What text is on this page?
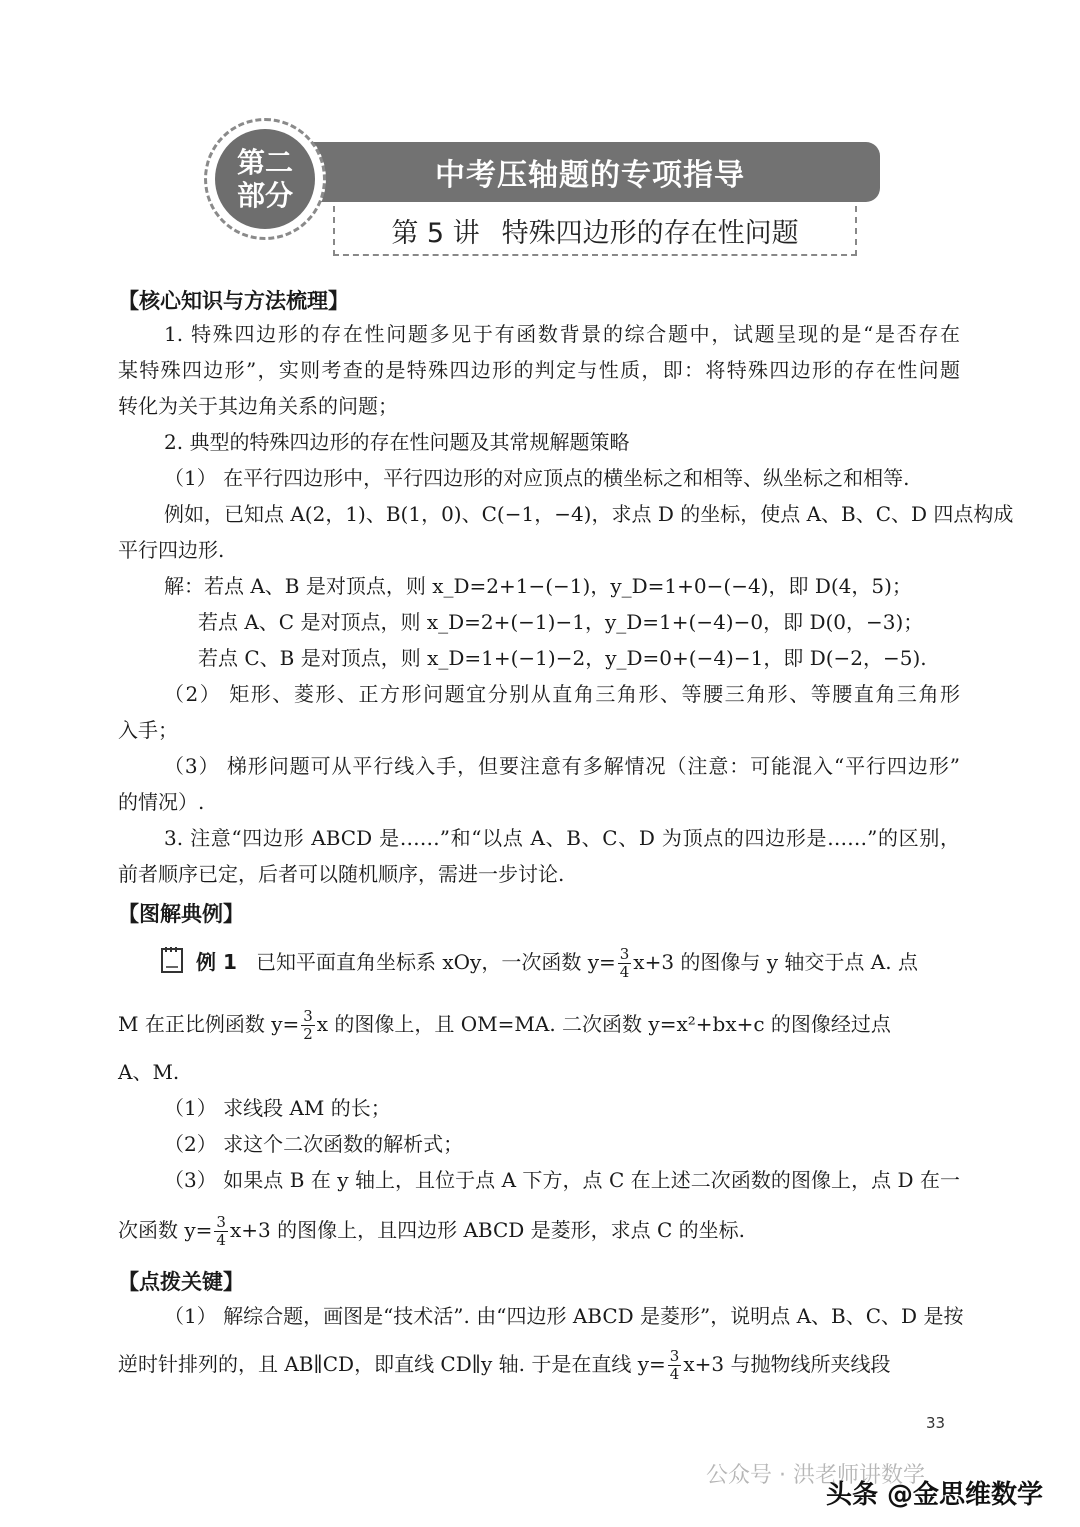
第二
部分
中考压轴题的专项指导
第 5 讲 特殊四边形的存在性问题
【核心知识与方法梳理】
1. 特殊四边形的存在性问题多见于有函数背景的综合题中，试题呈现的是“是否存在
某特殊四边形”，实则考查的是特殊四边形的判定与性质，即：将特殊四边形的存在性问题
转化为关于其边角关系的问题；
2. 典型的特殊四边形的存在性问题及其常规解题策略
（1） 在平行四边形中，平行四边形的对应顶点的横坐标之和相等、纵坐标之和相等.
例如，已知点 A(2，1)、B(1，0)、C(−1，−4)，求点 D 的坐标，使点 A、B、C、D 四点构成
平行四边形.
解：若点 A、B 是对顶点，则 x_D=2+1−(−1)，y_D=1+0−(−4)，即 D(4，5)；
若点 A、C 是对顶点，则 x_D=2+(−1)−1，y_D=1+(−4)−0，即 D(0，−3)；
若点 C、B 是对顶点，则 x_D=1+(−1)−2，y_D=0+(−4)−1，即 D(−2，−5).
（2） 矩形、菱形、正方形问题宜分别从直角三角形、等腰三角形、等腰直角三角形
入手；
（3） 梯形问题可从平行线入手，但要注意有多解情况（注意：可能混入“平行四边形”
的情况）.
3. 注意“四边形 ABCD 是……”和“以点 A、B、C、D 为顶点的四边形是……”的区别，
前者顺序已定，后者可以随机顺序，需进一步讨论.
【图解典例】
例 1 已知平面直角坐标系 xOy，一次函数 $y= \frac{3}{4} x+3$ 的图像与 y 轴交于点 A. 点
M 在正比例函数 $y= \frac{3}{2}$ x 的图像上，且 OM=MA. 二次函数 y=x²+bx+c 的图像经过点
A、M.
（1） 求线段 AM 的长；
（2） 求这个二次函数的解析式；
（3） 如果点 B 在 y 轴上，且位于点 A 下方，点 C 在上述二次函数的图像上，点 D 在一
次函数 $y= \frac{3}{4} x+3$ 的图像上，且四边形 ABCD 是菱形，求点 C 的坐标.
【点拨关键】
（1） 解综合题，画图是“技术活”. 由“四边形 ABCD 是菱形”，说明点 A、B、C、D 是按
逆时针排列的，且 AB∥CD，即直线 CD∥y 轴. 于是在直线 $y= \frac{3}{4} x+3$ 与抛物线所夹线段
33
公众号 · 洪老师讲数学
头条 @金思维数学
